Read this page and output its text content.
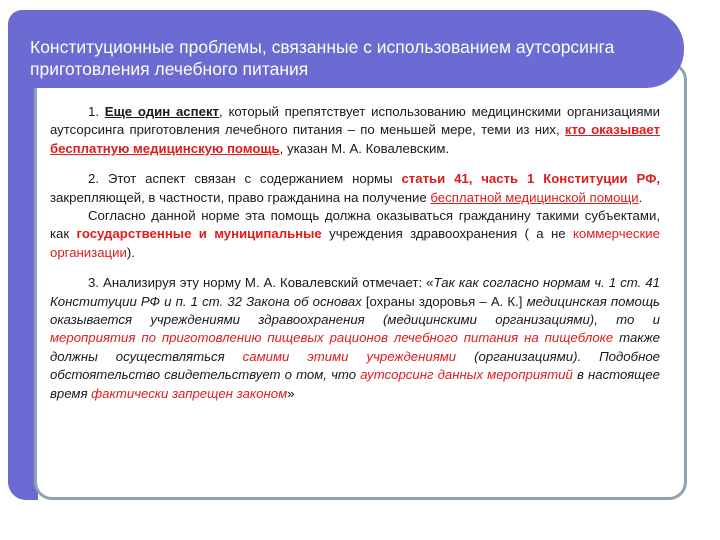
Конституционные проблемы, связанные с использованием аутсорсинга приготовления лечебного питания

1. Еще один аспект, который препятствует использованию медицинскими организациями аутсорсинга приготовления лечебного питания – по меньшей мере, теми из них, кто оказывает бесплатную медицинскую помощь, указан М. А. Ковалевским.

2. Этот аспект связан с содержанием нормы статьи 41, часть 1 Конституции РФ, закрепляющей, в частности, право гражданина на получение бесплатной медицинской помощи.

Согласно данной норме эта помощь должна оказываться гражданину такими субъектами, как государственные и муниципальные учреждения здравоохранения ( а не коммерческие организации).

3. Анализируя эту норму М. А. Ковалевский отмечает: «Так как согласно нормам ч. 1 ст. 41 Конституции РФ и п. 1 ст. 32 Закона об основах [охраны здоровья – А. К.] медицинская помощь оказывается учреждениями здравоохранения (медицинскими организациями), то и мероприятия по приготовлению пищевых рационов лечебного питания на пищеблоке также должны осуществляться самими этими учреждениями (организациями). Подобное обстоятельство свидетельствует о том, что аутсорсинг данных мероприятий в настоящее время фактически запрещен законом»
